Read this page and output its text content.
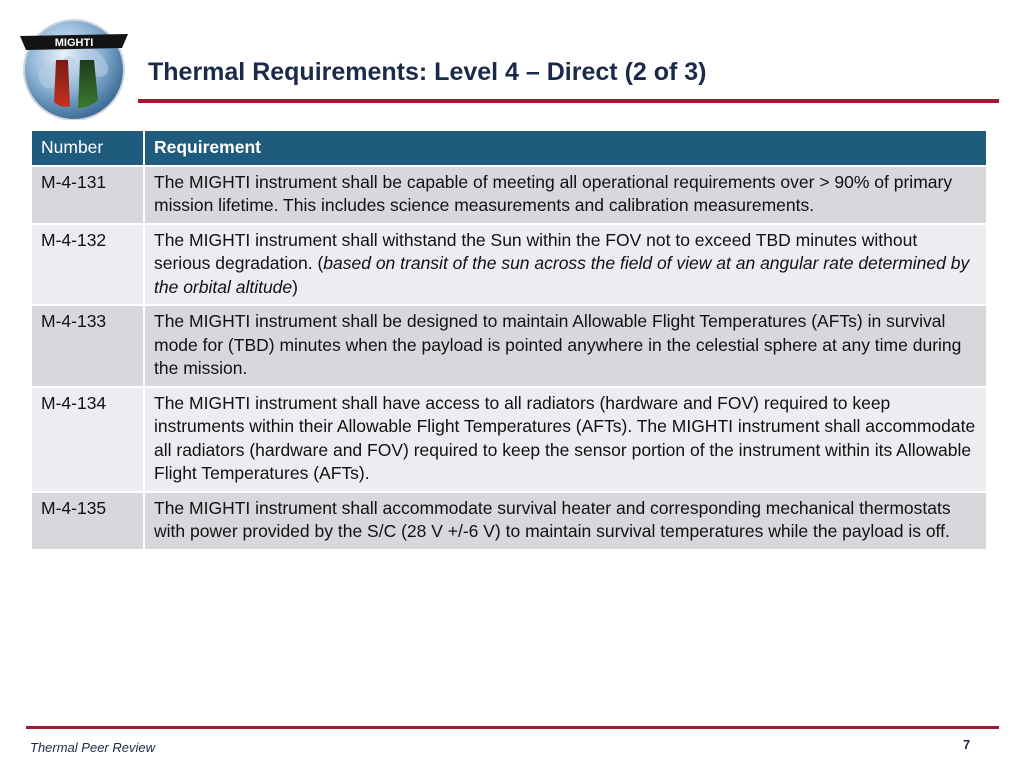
MIGHTI
Thermal Requirements: Level 4 – Direct (2 of 3)
Number	Requirement
M-4-131	The MIGHTI instrument shall be capable of meeting all operational requirements over > 90% of primary mission lifetime. This includes science measurements and calibration measurements.
M-4-132	The MIGHTI instrument shall withstand the Sun within the FOV not to exceed TBD minutes without serious degradation. (based on transit of the sun across the field of view at an angular rate determined by the orbital altitude)
M-4-133	The MIGHTI instrument shall be designed to maintain Allowable Flight Temperatures (AFTs) in survival mode for (TBD) minutes when the payload is pointed anywhere in the celestial sphere at any time during the mission.
M-4-134	The MIGHTI instrument shall have access to all radiators (hardware and FOV) required to keep instruments within their Allowable Flight Temperatures (AFTs). The MIGHTI instrument shall accommodate all radiators (hardware and FOV) required to keep the sensor portion of the instrument within its Allowable Flight Temperatures (AFTs).
M-4-135	The MIGHTI instrument shall accommodate survival heater and corresponding mechanical thermostats with power provided by the S/C (28 V +/-6 V) to maintain survival temperatures while the payload is off.
Thermal Peer Review	7
